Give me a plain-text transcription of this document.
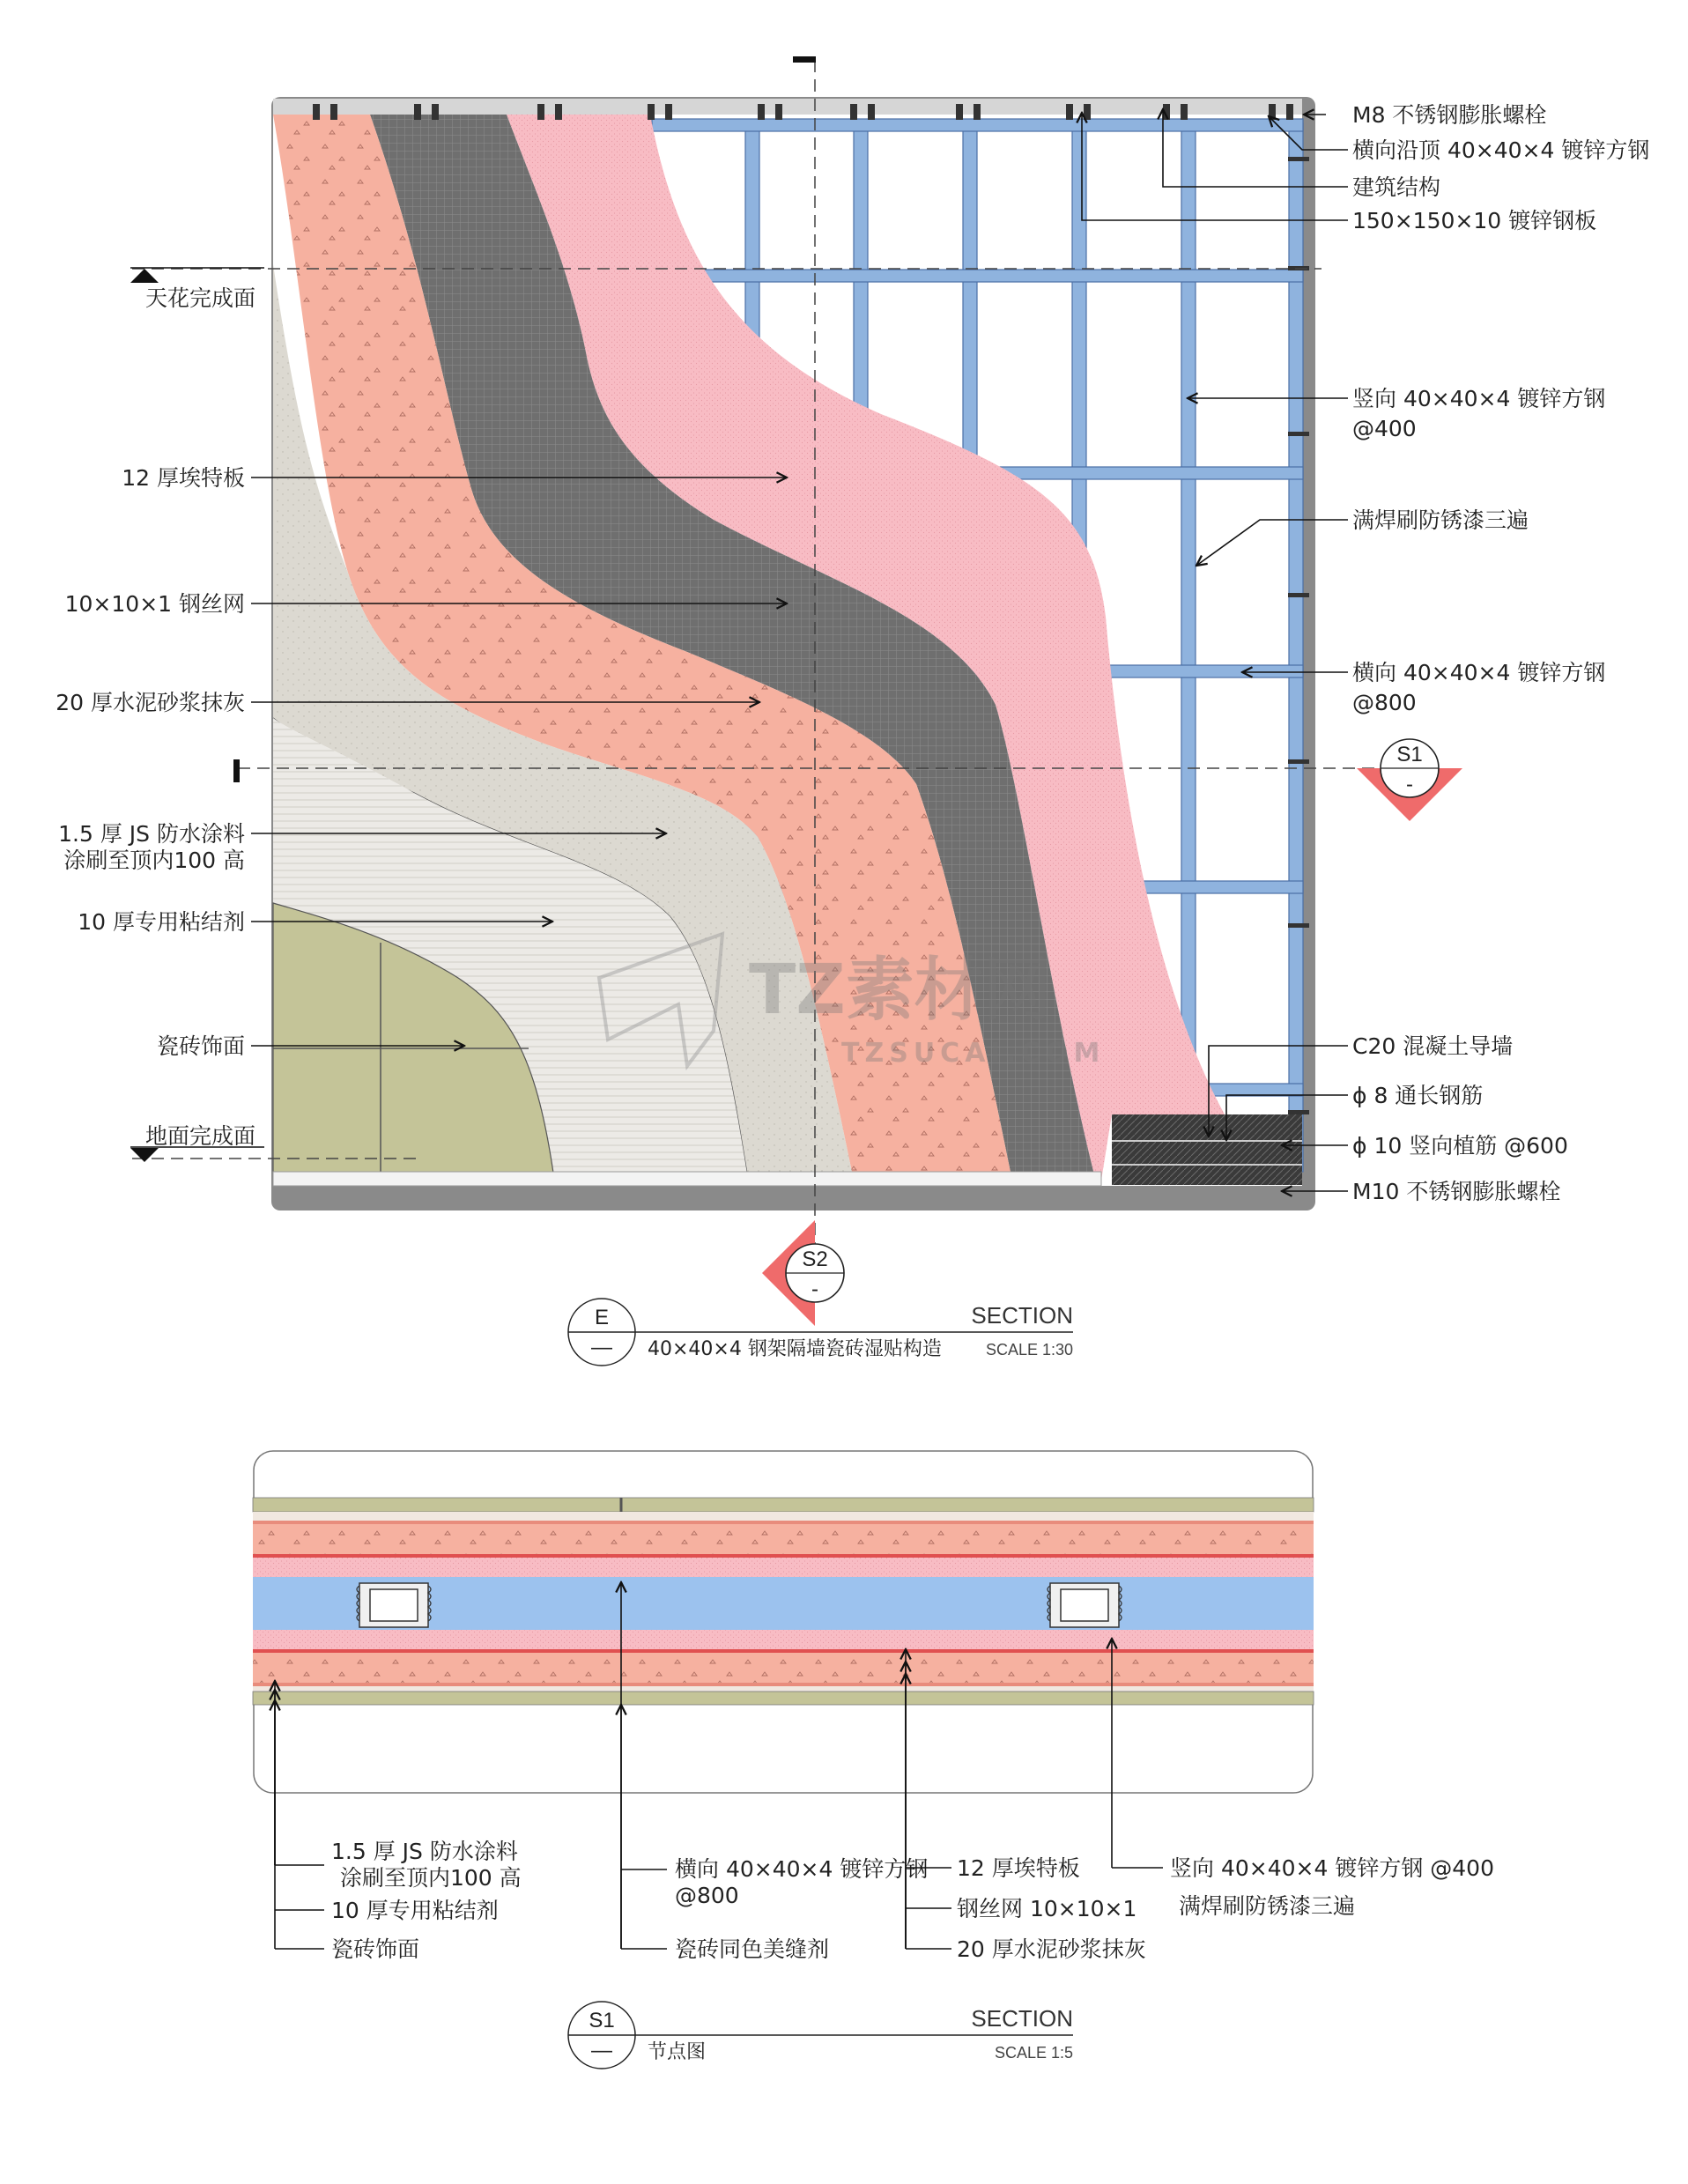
天花完成面
地面完成面
12 厚埃特板
10×10×1 钢丝网
20 厚水泥砂浆抹灰
1.5 厚 JS 防水涂料
涂刷至顶内100 高
10 厚专用粘结剂
瓷砖饰面
M8 不锈钢膨胀螺栓
横向沿顶 40×40×4 镀锌方钢
建筑结构
150×150×10 镀锌钢板
竖向 40×40×4 镀锌方钢
@400
满焊刷防锈漆三遍
横向 40×40×4 镀锌方钢
@800
C20 混凝土导墙
ϕ 8 通长钢筋
ϕ 10 竖向植筋 @600
M10 不锈钢膨胀螺栓
S1
-
S2
-
TZ素材网
TZSUCAI.COM
E
—
SECTION
40×40×4 钢架隔墙瓷砖湿贴构造	SCALE 1:30
1.5 厚 JS 防水涂料
涂刷至顶内100 高
10 厚专用粘结剂
瓷砖饰面
横向 40×40×4 镀锌方钢
@800
瓷砖同色美缝剂
12 厚埃特板
钢丝网 10×10×1
20 厚水泥砂浆抹灰
竖向 40×40×4 镀锌方钢 @400
满焊刷防锈漆三遍
S1
—
SECTION
节点图	SCALE 1:5
